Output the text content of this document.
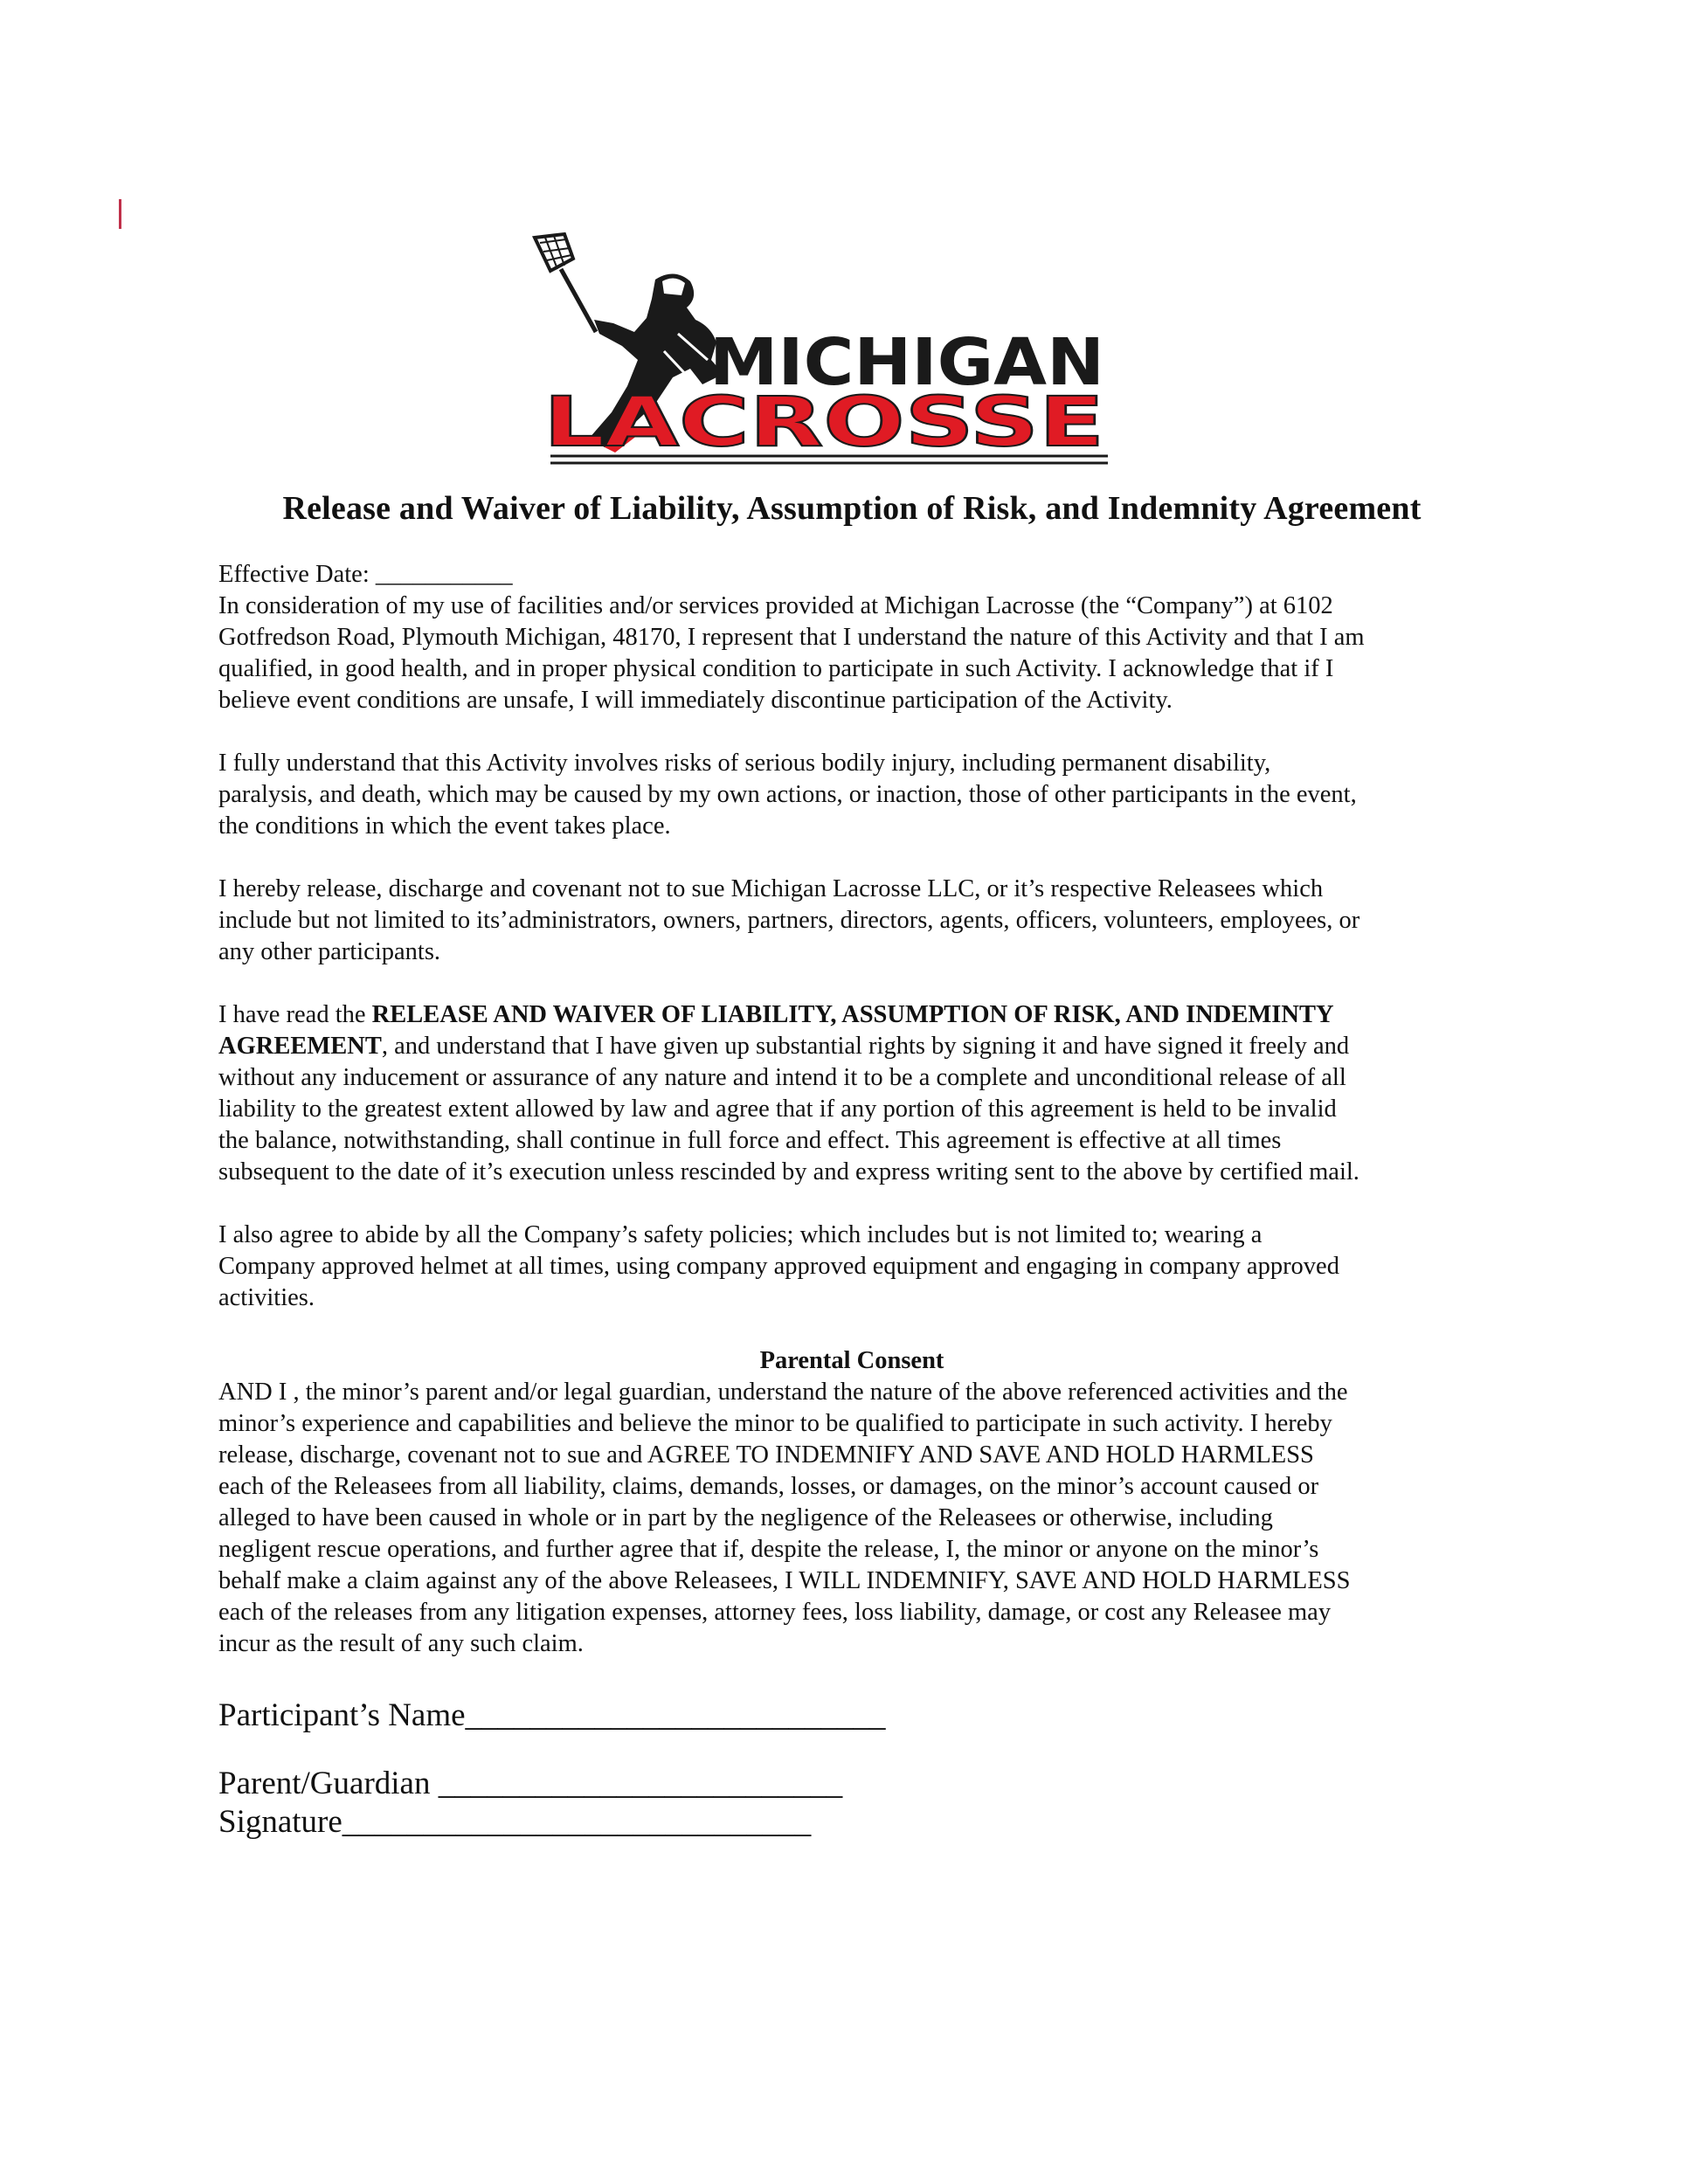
MICHIGAN
LACROSSE
Release and Waiver of Liability, Assumption of Risk, and Indemnity Agreement
Effective Date: ___________
In consideration of my use of facilities and/or services provided at Michigan Lacrosse (the “Company”) at 6102
Gotfredson Road, Plymouth Michigan, 48170, I represent that I understand the nature of this Activity and that I am
qualified, in good health, and in proper physical condition to participate in such Activity. I acknowledge that if I
believe event conditions are unsafe, I will immediately discontinue participation of the Activity.
I fully understand that this Activity involves risks of serious bodily injury, including permanent disability,
paralysis, and death, which may be caused by my own actions, or inaction, those of other participants in the event,
the conditions in which the event takes place.
I hereby release, discharge and covenant not to sue Michigan Lacrosse LLC, or it’s respective Releasees which
include but not limited to its’administrators, owners, partners, directors, agents, officers, volunteers, employees, or
any other participants.
I have read the RELEASE AND WAIVER OF LIABILITY, ASSUMPTION OF RISK, AND INDEMINTY
AGREEMENT, and understand that I have given up substantial rights by signing it and have signed it freely and
without any inducement or assurance of any nature and intend it to be a complete and unconditional release of all
liability to the greatest extent allowed by law and agree that if any portion of this agreement is held to be invalid
the balance, notwithstanding, shall continue in full force and effect. This agreement is effective at all times
subsequent to the date of it’s execution unless rescinded by and express writing sent to the above by certified mail.
I also agree to abide by all the Company’s safety policies; which includes but is not limited to; wearing a
Company approved helmet at all times, using company approved equipment and engaging in company approved
activities.
Parental Consent
AND I , the minor’s parent and/or legal guardian, understand the nature of the above referenced activities and the
minor’s experience and capabilities and believe the minor to be qualified to participate in such activity. I hereby
release, discharge, covenant not to sue and AGREE TO INDEMNIFY AND SAVE AND HOLD HARMLESS
each of the Releasees from all liability, claims, demands, losses, or damages, on the minor’s account caused or
alleged to have been caused in whole or in part by the negligence of the Releasees or otherwise, including
negligent rescue operations, and further agree that if, despite the release, I, the minor or anyone on the minor’s
behalf make a claim against any of the above Releasees, I WILL INDEMNIFY, SAVE AND HOLD HARMLESS
each of the releases from any litigation expenses, attorney fees, loss liability, damage, or cost any Releasee may
incur as the result of any such claim.
Participant’s Name__________________________
Parent/Guardian _________________________
Signature_____________________________
